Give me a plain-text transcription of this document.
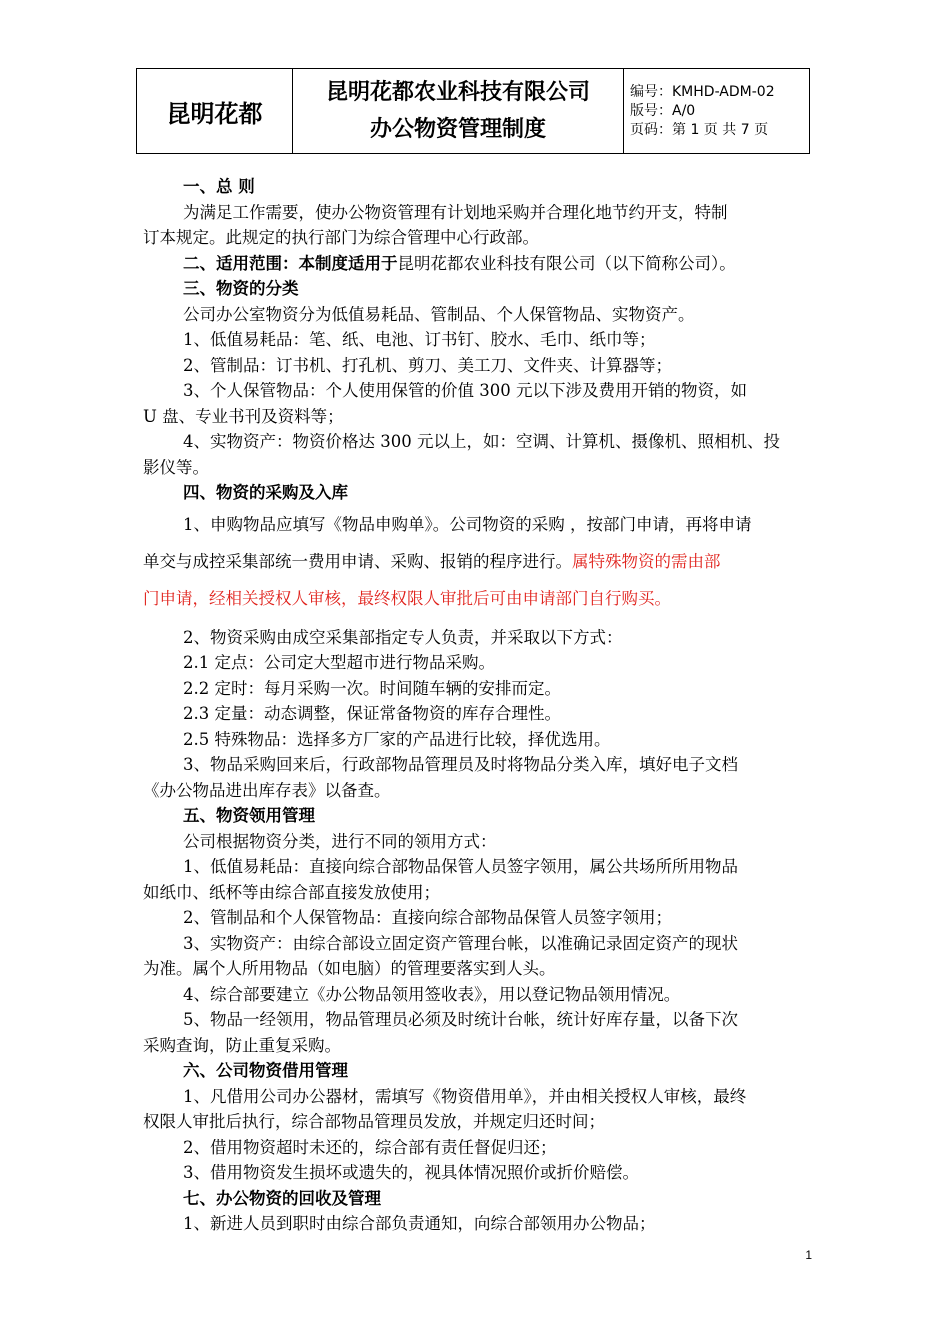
昆明花都
昆明花都农业科技有限公司
办公物资管理制度
编号：KMHD-ADM-02
版号：A/0
页码：第 1 页 共 7 页

一、总 则

为满足工作需要，使办公物资管理有计划地采购并合理化地节约开支，特制

订本规定。此规定的执行部门为综合管理中心行政部。

二、适用范围：本制度适用于昆明花都农业科技有限公司（以下简称公司）。

三、物资的分类

公司办公室物资分为低值易耗品、管制品、个人保管物品、实物资产。

1、低值易耗品：笔、纸、电池、订书钉、胶水、毛巾、纸巾等；

2、管制品：订书机、打孔机、剪刀、美工刀、文件夹、计算器等；

3、个人保管物品：个人使用保管的价值 300 元以下涉及费用开销的物资，如

U 盘、专业书刊及资料等；

4、实物资产：物资价格达 300 元以上，如：空调、计算机、摄像机、照相机、投

影仪等。

四、物资的采购及入库

1、申购物品应填写《物品申购单》。公司物资的采购 ，按部门申请，再将申请

单交与成控采集部统一费用申请、采购、报销的程序进行。属特殊物资的需由部

门申请，经相关授权人审核，最终权限人审批后可由申请部门自行购买。

2、物资采购由成空采集部指定专人负责，并采取以下方式：

2.1 定点：公司定大型超市进行物品采购。

2.2 定时：每月采购一次。时间随车辆的安排而定。

2.3 定量：动态调整，保证常备物资的库存合理性。

2.5 特殊物品：选择多方厂家的产品进行比较，择优选用。

3、物品采购回来后，行政部物品管理员及时将物品分类入库，填好电子文档

《办公物品进出库存表》以备查。

五、物资领用管理

公司根据物资分类，进行不同的领用方式：

1、低值易耗品：直接向综合部物品保管人员签字领用，属公共场所所用物品

如纸巾、纸杯等由综合部直接发放使用；

2、管制品和个人保管物品：直接向综合部物品保管人员签字领用；

3、实物资产：由综合部设立固定资产管理台帐，以准确记录固定资产的现状

为准。属个人所用物品（如电脑）的管理要落实到人头。

4、综合部要建立《办公物品领用签收表》，用以登记物品领用情况。

5、物品一经领用，物品管理员必须及时统计台帐，统计好库存量，以备下次

采购查询，防止重复采购。

六、公司物资借用管理

1、凡借用公司办公器材，需填写《物资借用单》，并由相关授权人审核，最终

权限人审批后执行，综合部物品管理员发放，并规定归还时间；

2、借用物资超时未还的，综合部有责任督促归还；

3、借用物资发生损坏或遗失的，视具体情况照价或折价赔偿。

七、办公物资的回收及管理

1、新进人员到职时由综合部负责通知，向综合部领用办公物品；

1
